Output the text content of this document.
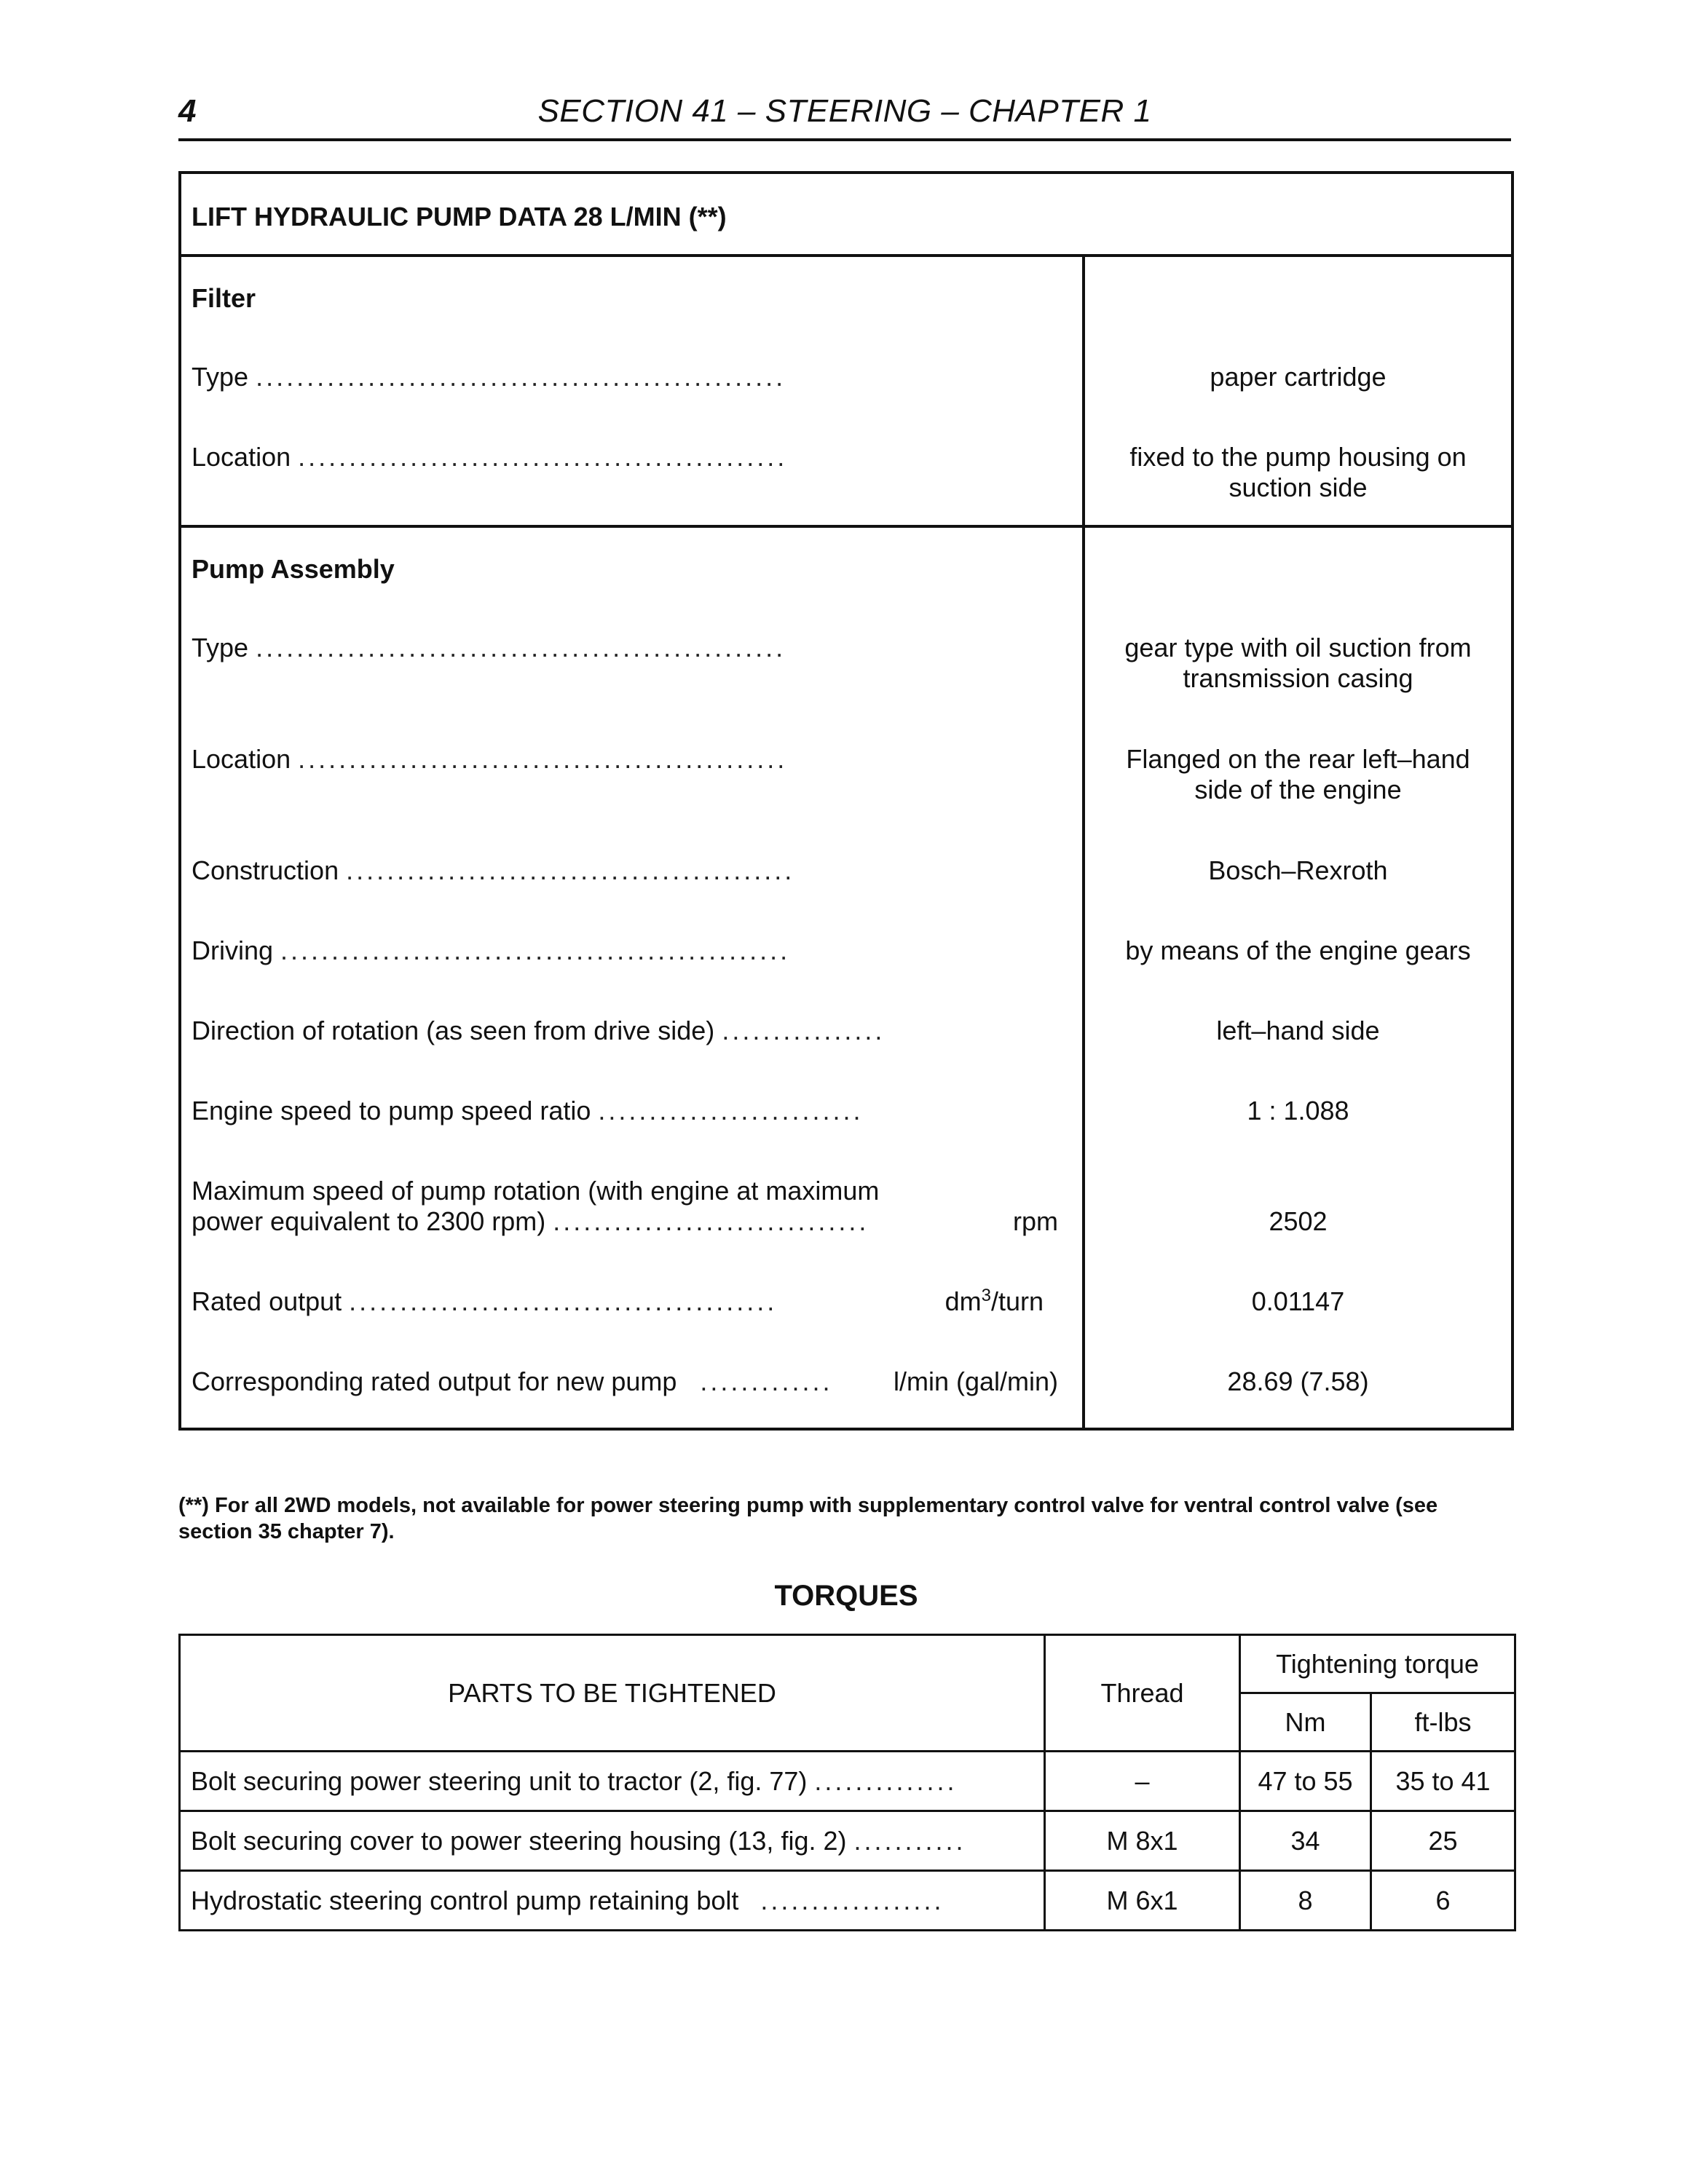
4	SECTION 41 – STEERING – CHAPTER 1
LIFT HYDRAULIC PUMP DATA 28 L/MIN (**)
Filter
Type ....................................................	paper cartridge
Location ................................................	fixed to the pump housing on suction side
Pump Assembly
Type ....................................................	gear type with oil suction from transmission casing
Location ................................................	Flanged on the rear left–hand side of the engine
Construction ............................................	Bosch–Rexroth
Driving ..................................................	by means of the engine gears
Direction of rotation (as seen from drive side) ................	left–hand side
Engine speed to pump speed ratio ..........................	1 : 1.088
Maximum speed of pump rotation (with engine at maximum
power equivalent to 2300 rpm) ...............................	rpm	2502
Rated output ..........................................	$dm^3$/turn	0.01147
Corresponding rated output for new pump ............. l/min (gal/min)	28.69 (7.58)
(**) For all 2WD models, not available for power steering pump with supplementary control valve for ventral control valve (see section 35 chapter 7).
TORQUES
PARTS TO BE TIGHTENED	Thread	Tightening torque	
		Nm	ft-lbs
Bolt securing power steering unit to tractor (2, fig. 77) ..............	–	47 to 55	35 to 41
Bolt securing cover to power steering housing (13, fig. 2) ...........	M 8x1	34	25
Hydrostatic steering control pump retaining bolt ..................	M 6x1	8	6
